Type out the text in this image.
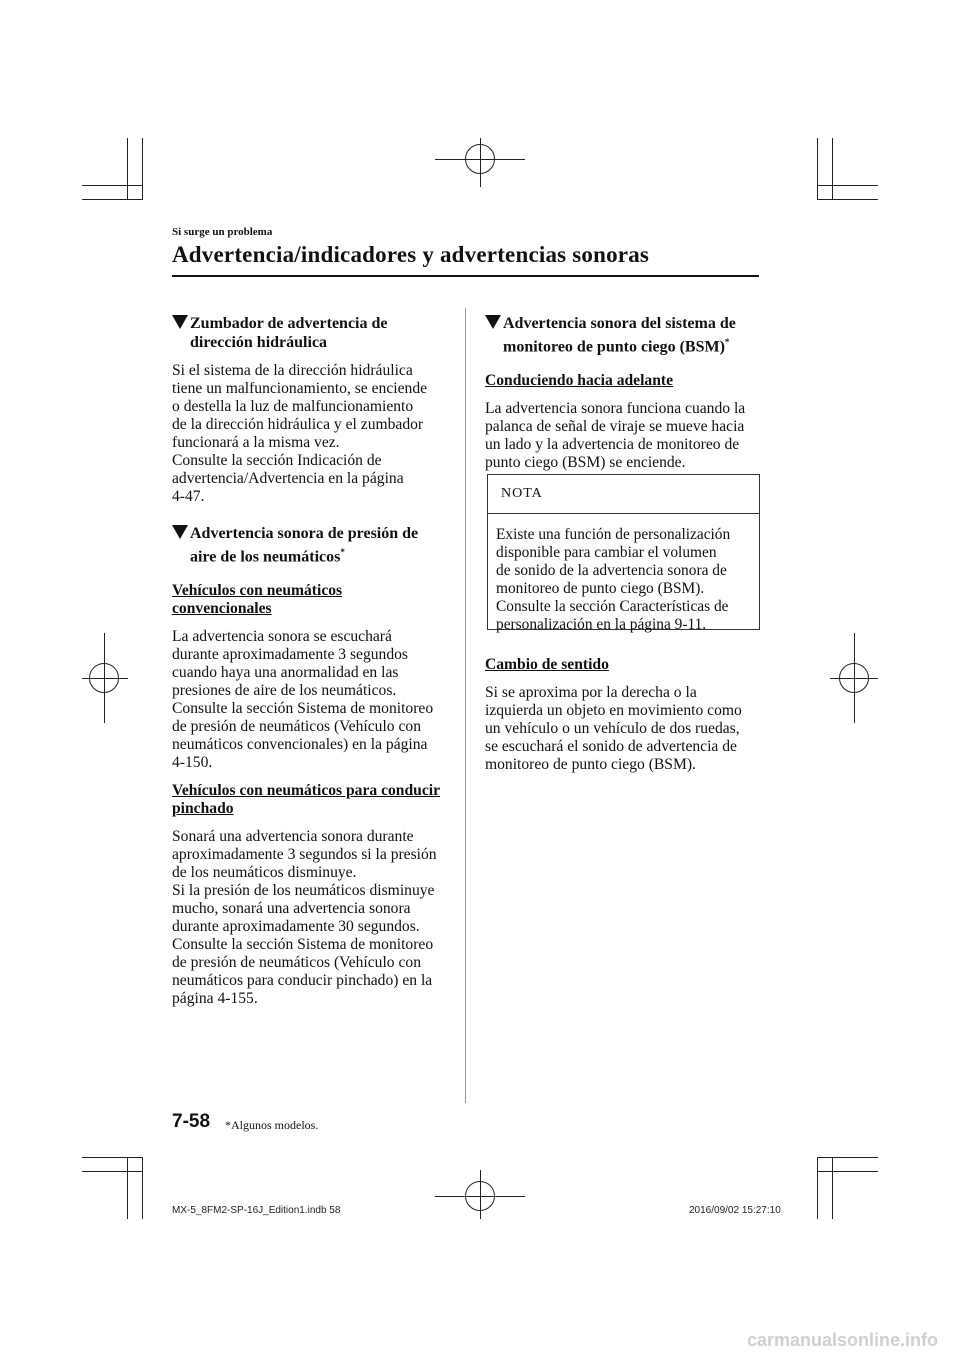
Si surge un problema
Advertencia/indicadores y advertencias sonoras
Zumbador de advertencia de
dirección hidráulica

Si el sistema de la dirección hidráulica
tiene un malfuncionamiento, se enciende
o destella la luz de malfuncionamiento
de la dirección hidráulica y el zumbador
funcionará a la misma vez.
Consulte la sección Indicación de
advertencia/Advertencia en la página
4-47.

Advertencia sonora de presión de
aire de los neumáticos*

Vehículos con neumáticos
convencionales

La advertencia sonora se escuchará
durante aproximadamente 3 segundos
cuando haya una anormalidad en las
presiones de aire de los neumáticos.
Consulte la sección Sistema de monitoreo
de presión de neumáticos (Vehículo con
neumáticos convencionales) en la página
4-150.

Vehículos con neumáticos para conducir
pinchado

Sonará una advertencia sonora durante
aproximadamente 3 segundos si la presión
de los neumáticos disminuye.
Si la presión de los neumáticos disminuye
mucho, sonará una advertencia sonora
durante aproximadamente 30 segundos.
Consulte la sección Sistema de monitoreo
de presión de neumáticos (Vehículo con
neumáticos para conducir pinchado) en la
página 4-155.

Advertencia sonora del sistema de
monitoreo de punto ciego (BSM)*

Conduciendo hacia adelante

La advertencia sonora funciona cuando la
palanca de señal de viraje se mueve hacia
un lado y la advertencia de monitoreo de
punto ciego (BSM) se enciende.

NOTA
Existe una función de personalización
disponible para cambiar el volumen
de sonido de la advertencia sonora de
monitoreo de punto ciego (BSM).
Consulte la sección Características de
personalización en la página 9-11.

Cambio de sentido

Si se aproxima por la derecha o la
izquierda un objeto en movimiento como
un vehículo o un vehículo de dos ruedas,
se escuchará el sonido de advertencia de
monitoreo de punto ciego (BSM).

7-58 *Algunos modelos.
MX-5_8FM2-SP-16J_Edition1.indb 58	2016/09/02 15:27:10
carmanualsonline.info
